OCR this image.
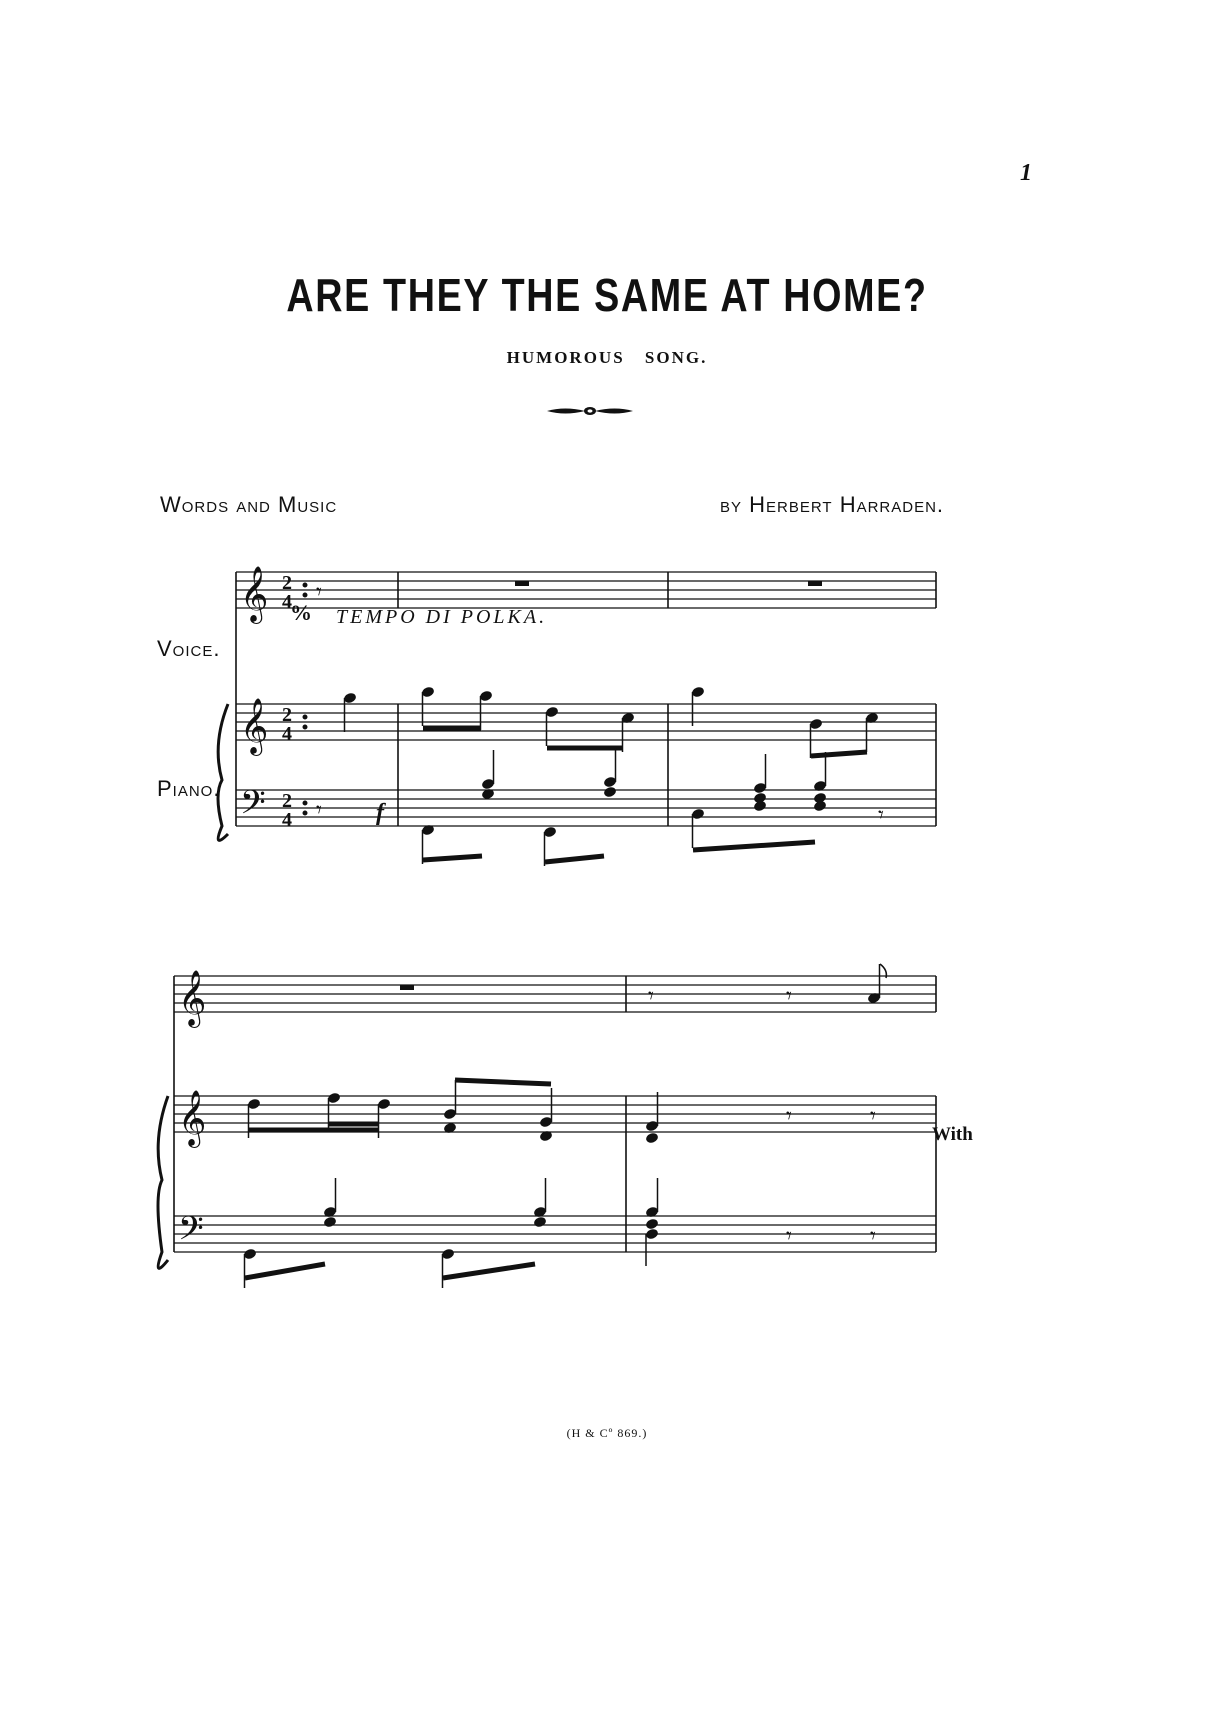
1
ARE THEY THE SAME AT HOME?
HUMOROUS SONG.
Words and Music	by Herbert Harraden.
% TEMPO DI POLKA.
Voice.
Piano.
f
With
(H & Cº 869.)
𝄞
𝄞
𝄢
2
4
2
4
2
4
𝄞
𝄞
𝄢
𝄾
𝄾
𝄾
𝄾	𝄾
𝄾	𝄾
𝄾	𝄾
